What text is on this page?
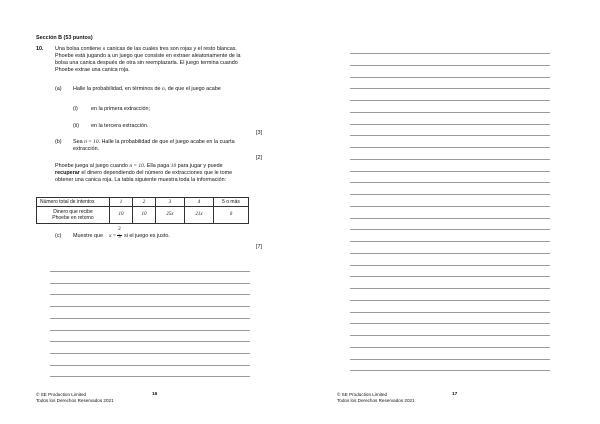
Sección B (53 puntos)
10. Una bolsa contiene n canicas de las cuales tres son rojas y el resto blancas.
Phoebe está jugando a un juego que consiste en extraer aleatoriamente de la
bolsa una canica después de otra sin reemplazarla. El juego termina cuando
Phoebe extrae una canica roja.
(a) Halle la probabilidad, en términos de n, de que el juego acabe
(i) en la primera extracción;
(ii) en la tercera extracción.
[3]
(b) Sea n = 10. Halle la probabilidad de que el juego acabe en la cuarta
extracción.
[2]
Phoebe juega al juego cuando n = 10. Ella paga 10 para jugar y puede
recuperar el dinero dependiendo del número de extracciones que le tome
obtener una canica roja. La tabla siguiente muestra toda la información:
Número total de intentos	1	2	3	4	5 o más
Dinero que recibe
Phoebe en retorno	10	10	25x	21x	0
(c) Muestre que x =
2
3 si el juego es justo.
[7]
© SE Production Limited
Todos los Derechos Reservados 2021
16	© SE Production Limited
Todos los Derechos Reservados 2021
17
